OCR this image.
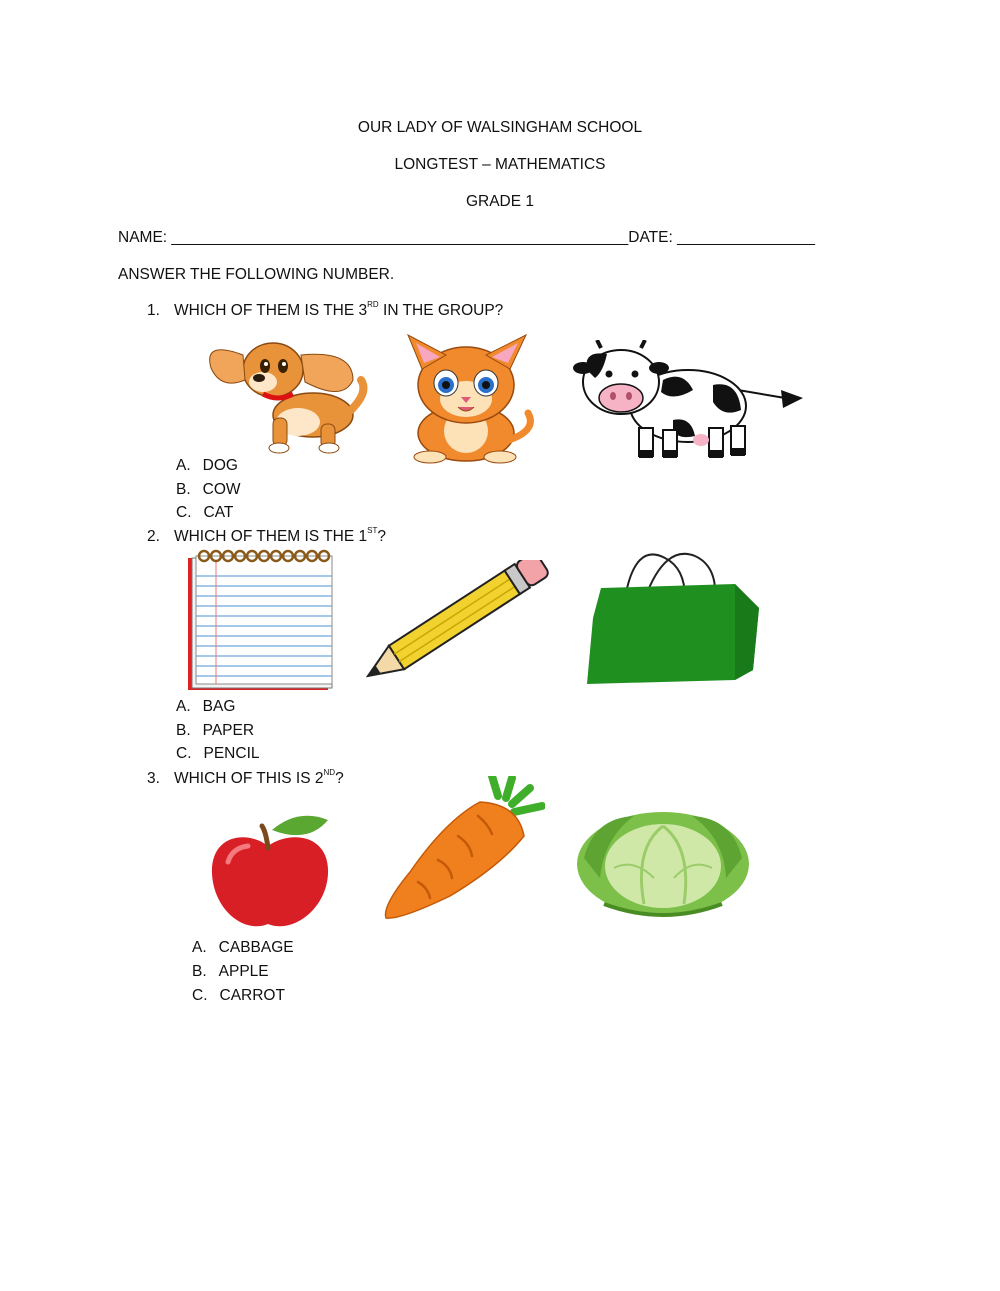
OUR LADY OF WALSINGHAM SCHOOL
LONGTEST – MATHEMATICS
GRADE 1
NAME: _____________________________________________________DATE: ________________
ANSWER THE FOLLOWING NUMBER.
1. WHICH OF THEM IS THE 3RD IN THE GROUP?
A. DOG
B. COW
C. CAT
2. WHICH OF THEM IS THE 1ST?
A. BAG
B. PAPER
C. PENCIL
3. WHICH OF THIS IS 2ND?
A. CABBAGE
B. APPLE
C. CARROT
